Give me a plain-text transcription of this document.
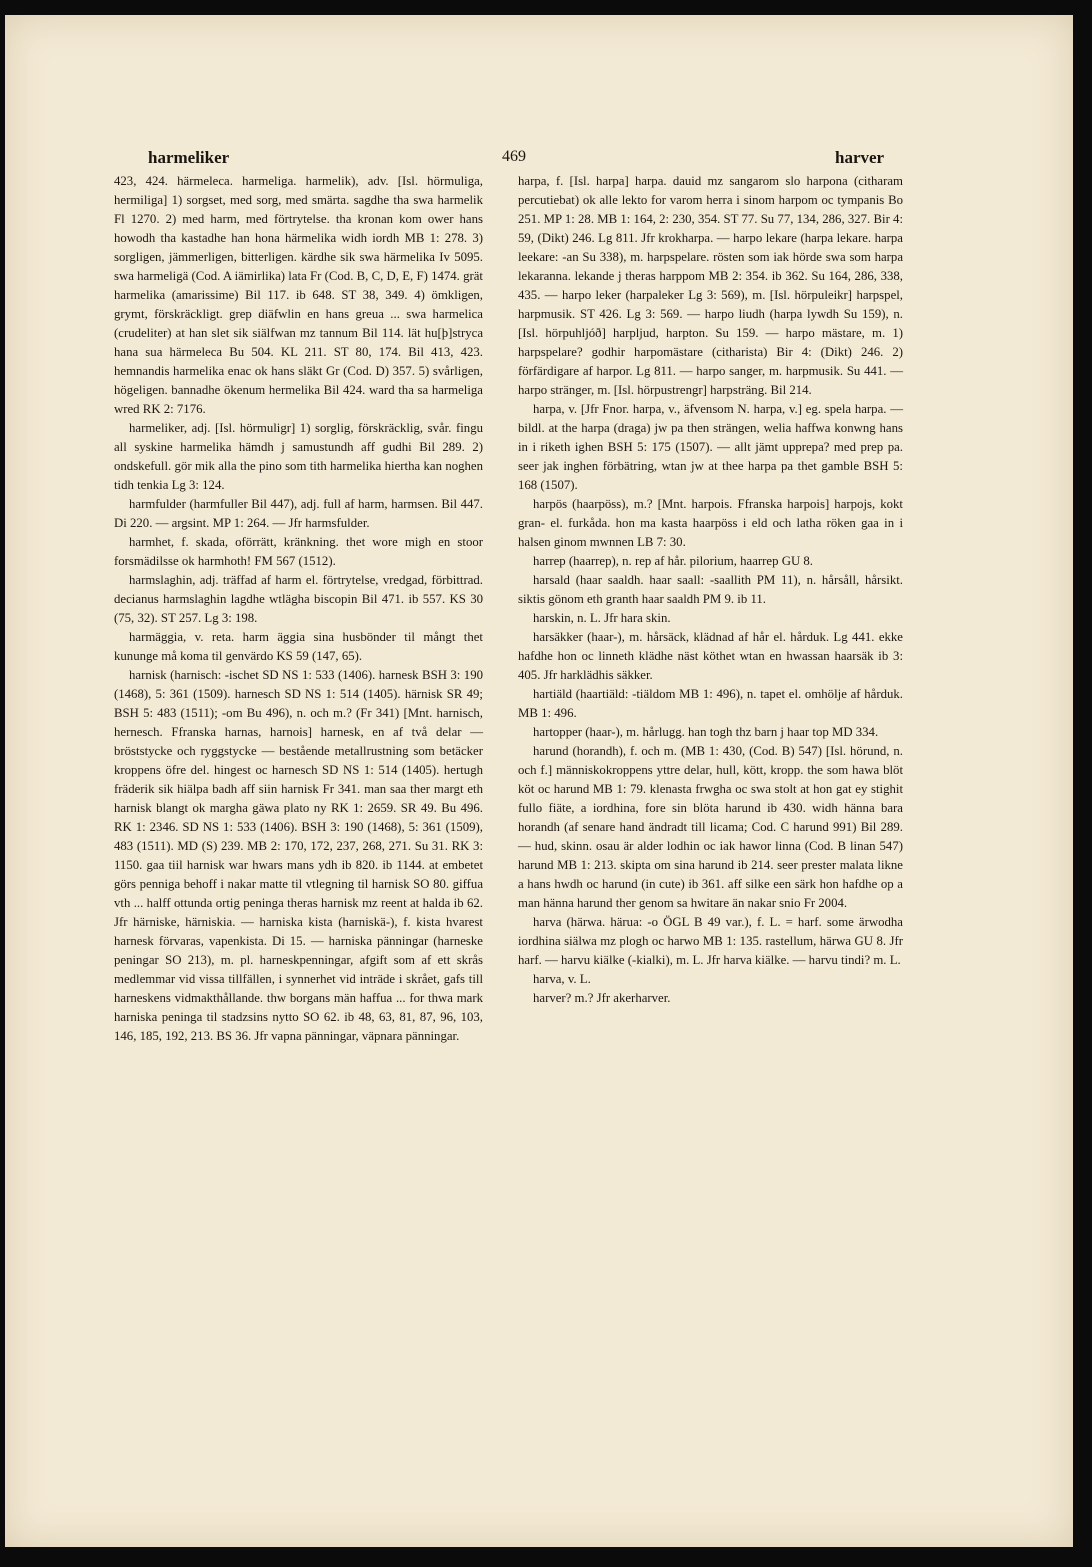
harmeliker	469	harver

423, 424. härmeleca. harmeliga. harmelik), adv. [Isl. hörmuliga, hermiliga] 1) sorgset, med sorg, med smärta. sagdhe tha swa harmelik Fl 1270. 2) med harm, med förtrytelse. tha kronan kom ower hans howodh tha kastadhe han hona härmelika widh iordh MB 1: 278. 3) sorgligen, jämmerligen, bitterligen. kärdhe sik swa härmelika Iv 5095. swa harmeligä (Cod. A iämirlika) lata Fr (Cod. B, C, D, E, F) 1474. grät harmelika (amarissime) Bil 117. ib 648. ST 38, 349. 4) ömkligen, grymt, förskräckligt. grep diäfwlin en hans greua ... swa harmelica (crudeliter) at han slet sik siälfwan mz tannum Bil 114. lät hu[þ]stryca hana sua härmeleca Bu 504. KL 211. ST 80, 174. Bil 413, 423. hemnandis harmelika enac ok hans släkt Gr (Cod. D) 357. 5) svårligen, högeligen. bannadhe ökenum hermelika Bil 424. ward tha sa harmeliga wred RK 2: 7176.

harmeliker, adj. [Isl. hörmuligr] 1) sorglig, förskräcklig, svår. fingu all syskine harmelika hämdh j samustundh aff gudhi Bil 289. 2) ondskefull. gör mik alla the pino som tith harmelika hiertha kan noghen tidh tenkia Lg 3: 124.

harmfulder (harmfuller Bil 447), adj. full af harm, harmsen. Bil 447. Di 220. — argsint. MP 1: 264. — Jfr harmsfulder.

harmhet, f. skada, oförrätt, kränkning. thet wore migh en stoor forsmädilsse ok harmhoth! FM 567 (1512).

harmslaghin, adj. träffad af harm el. förtrytelse, vredgad, förbittrad. decianus harmslaghin lagdhe wtlägha biscopin Bil 471. ib 557. KS 30 (75, 32). ST 257. Lg 3: 198.

harmäggia, v. reta. harm äggia sina husbönder til mångt thet kununge må koma til genvärdo KS 59 (147, 65).

harnisk (harnisch: -ischet SD NS 1: 533 (1406). harnesk BSH 3: 190 (1468), 5: 361 (1509). harnesch SD NS 1: 514 (1405). härnisk SR 49; BSH 5: 483 (1511); -om Bu 496), n. och m.? (Fr 341) [Mnt. harnisch, hernesch. Ffranska harnas, harnois] harnesk, en af två delar — bröststycke och ryggstycke — bestående metallrustning som betäcker kroppens öfre del. hingest oc harnesch SD NS 1: 514 (1405). hertugh fräderik sik hiälpa badh aff siin harnisk Fr 341. man saa ther margt eth harnisk blangt ok margha gäwa plato ny RK 1: 2659. SR 49. Bu 496. RK 1: 2346. SD NS 1: 533 (1406). BSH 3: 190 (1468), 5: 361 (1509), 483 (1511). MD (S) 239. MB 2: 170, 172, 237, 268, 271. Su 31. RK 3: 1150. gaa tiil harnisk war hwars mans ydh ib 820. ib 1144. at embetet görs penniga behoff i nakar matte til vtlegning til harnisk SO 80. giffua vth ... halff ottunda ortig peninga theras harnisk mz reent at halda ib 62. Jfr härniske, härniskia. — harniska kista (harniskä-), f. kista hvarest harnesk förvaras, vapenkista. Di 15. — harniska pänningar (harneske peningar SO 213), m. pl. harneskpenningar, afgift som af ett skrås medlemmar vid vissa tillfällen, i synnerhet vid inträde i skrået, gafs till harneskens vidmakthållande. thw borgans män haffua ... for thwa mark harniska peninga til stadzsins nytto SO 62. ib 48, 63, 81, 87, 96, 103, 146, 185, 192, 213. BS 36. Jfr vapna pänningar, väpnara pänningar.

harpa, f. [Isl. harpa] harpa. dauid mz sangarom slo harpona (citharam percutiebat) ok alle lekto for varom herra i sinom harpom oc tympanis Bo 251. MP 1: 28. MB 1: 164, 2: 230, 354. ST 77. Su 77, 134, 286, 327. Bir 4: 59, (Dikt) 246. Lg 811. Jfr krokharpa. — harpo lekare (harpa lekare. harpa leekare: -an Su 338), m. harpspelare. rösten som iak hörde swa som harpa lekaranna. lekande j theras harppom MB 2: 354. ib 362. Su 164, 286, 338, 435. — harpo leker (harpaleker Lg 3: 569), m. [Isl. hörpuleikr] harpspel, harpmusik. ST 426. Lg 3: 569. — harpo liudh (harpa lywdh Su 159), n. [Isl. hörpuhljóð] harpljud, harpton. Su 159. — harpo mästare, m. 1) harpspelare? godhir harpomästare (citharista) Bir 4: (Dikt) 246. 2) förfärdigare af harpor. Lg 811. — harpo sanger, m. harpmusik. Su 441. — harpo stränger, m. [Isl. hörpustrengr] harpsträng. Bil 214.

harpa, v. [Jfr Fnor. harpa, v., äfvensom N. harpa, v.] eg. spela harpa. — bildl. at the harpa (draga) jw pa then strängen, welia haffwa konwng hans in i riketh ighen BSH 5: 175 (1507). — allt jämt upprepa? med prep pa. seer jak inghen förbätring, wtan jw at thee harpa pa thet gamble BSH 5: 168 (1507).

harpös (haarpöss), m.? [Mnt. harpois. Ffranska harpois] harpojs, kokt gran- el. furkåda. hon ma kasta haarpöss i eld och latha röken gaa in i halsen ginom mwnnen LB 7: 30.

harrep (haarrep), n. rep af hår. pilorium, haarrep GU 8.

harsald (haar saaldh. haar saall: -saallith PM 11), n. hårsåll, hårsikt. siktis gönom eth granth haar saaldh PM 9. ib 11.

harskin, n. L. Jfr hara skin.

harsäkker (haar-), m. hårsäck, klädnad af hår el. hårduk. Lg 441. ekke hafdhe hon oc linneth klädhe näst köthet wtan en hwassan haarsäk ib 3: 405. Jfr harklädhis säkker.

hartiäld (haartiäld: -tiäldom MB 1: 496), n. tapet el. omhölje af hårduk. MB 1: 496.

hartopper (haar-), m. hårlugg. han togh thz barn j haar top MD 334.

harund (horandh), f. och m. (MB 1: 430, (Cod. B) 547) [Isl. hörund, n. och f.] människokroppens yttre delar, hull, kött, kropp. the som hawa blöt köt oc harund MB 1: 79. klenasta frwgha oc swa stolt at hon gat ey stighit fullo fiäte, a iordhina, fore sin blöta harund ib 430. widh hänna bara horandh (af senare hand ändradt till licama; Cod. C harund 991) Bil 289. — hud, skinn. osau är alder lodhin oc iak hawor linna (Cod. B linan 547) harund MB 1: 213. skipta om sina harund ib 214. seer prester malata likne a hans hwdh oc harund (in cute) ib 361. aff silke een särk hon hafdhe op a man hänna harund ther genom sa hwitare än nakar snio Fr 2004.

harva (härwa. härua: -o ÖGL B 49 var.), f. L. = harf. some ärwodha iordhina siälwa mz plogh oc harwo MB 1: 135. rastellum, härwa GU 8. Jfr harf. — harvu kiälke (-kialki), m. L. Jfr harva kiälke. — harvu tindi? m. L.

harva, v. L.

harver? m.? Jfr akerharver.
